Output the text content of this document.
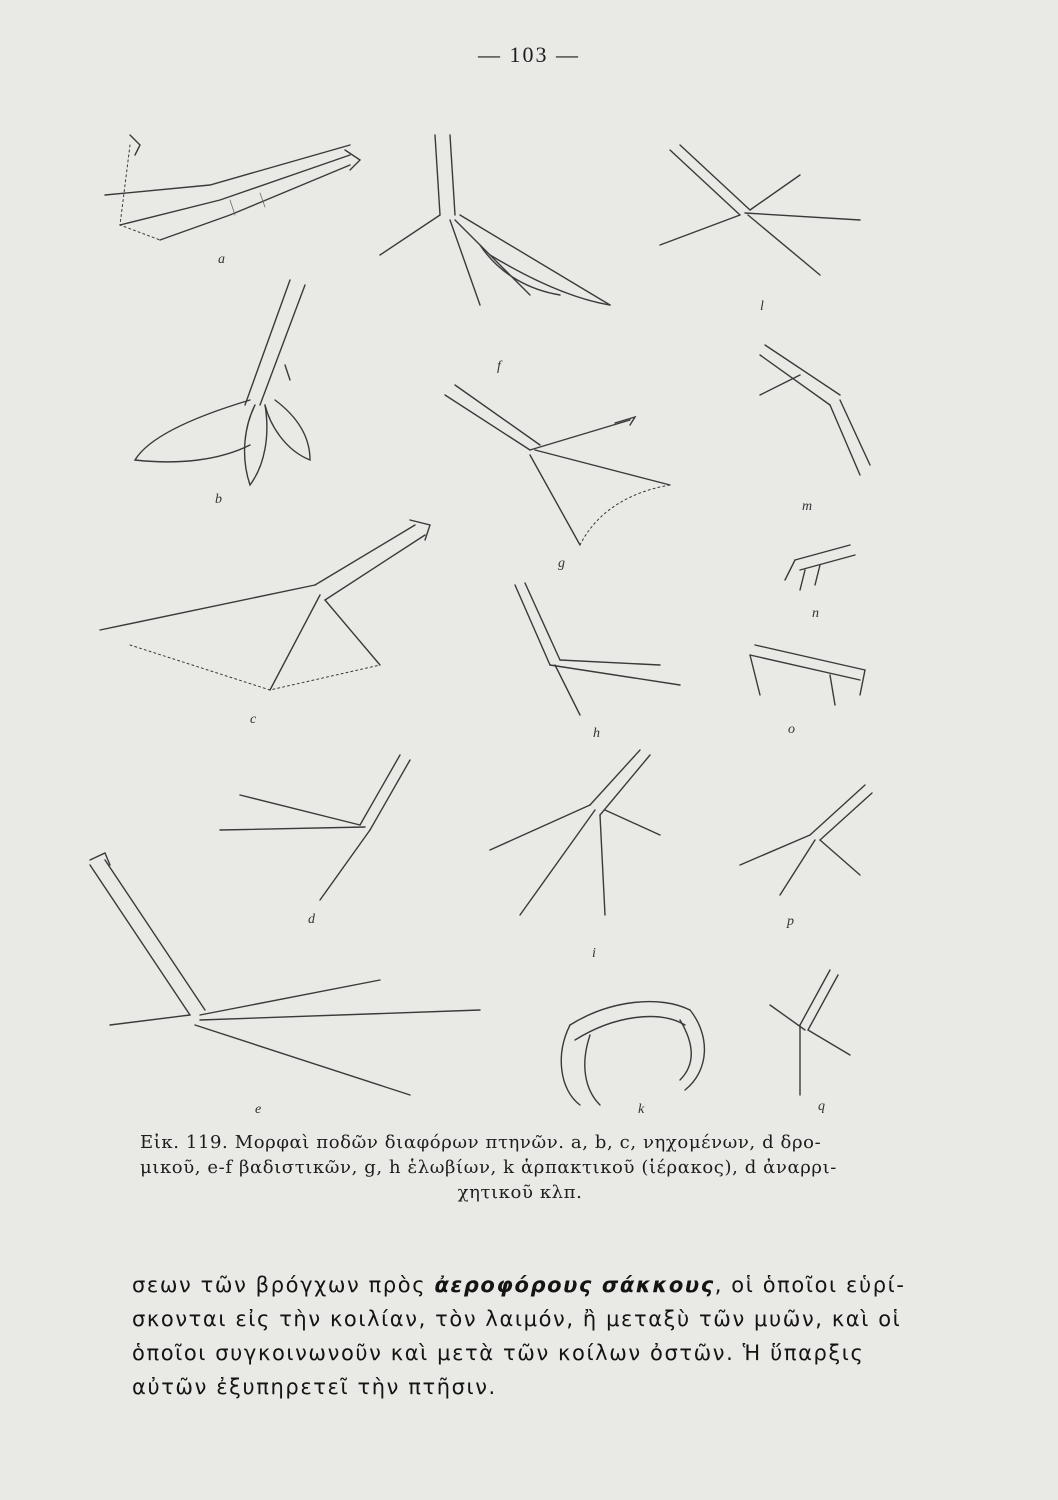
— 103 —
a
f
l
b
g
m
n
c
h	o
d
i
p
e	k	q
Εἰκ. 119. Μορφαὶ ποδῶν διαφόρων πτηνῶν. a, b, c, νηχομένων, d δρο-
μικοῦ, e-f βαδιστικῶν, g, h ἑλωβίων, k ἁρπακτικοῦ (ἱέρακος), d ἀναρρι-
χητικοῦ κλπ.
σεων τῶν βρόγχων πρὸς ἀεροφόρους σάκκους, οἱ ὁποῖοι εὑρί-
σκονται εἰς τὴν κοιλίαν, τὸν λαιμόν, ἢ μεταξὺ τῶν μυῶν, καὶ οἱ
ὁποῖοι συγκοινωνοῦν καὶ μετὰ τῶν κοίλων ὀστῶν. Ἡ ὕπαρξις
αὐτῶν ἐξυπηρετεῖ τὴν πτῆσιν.
